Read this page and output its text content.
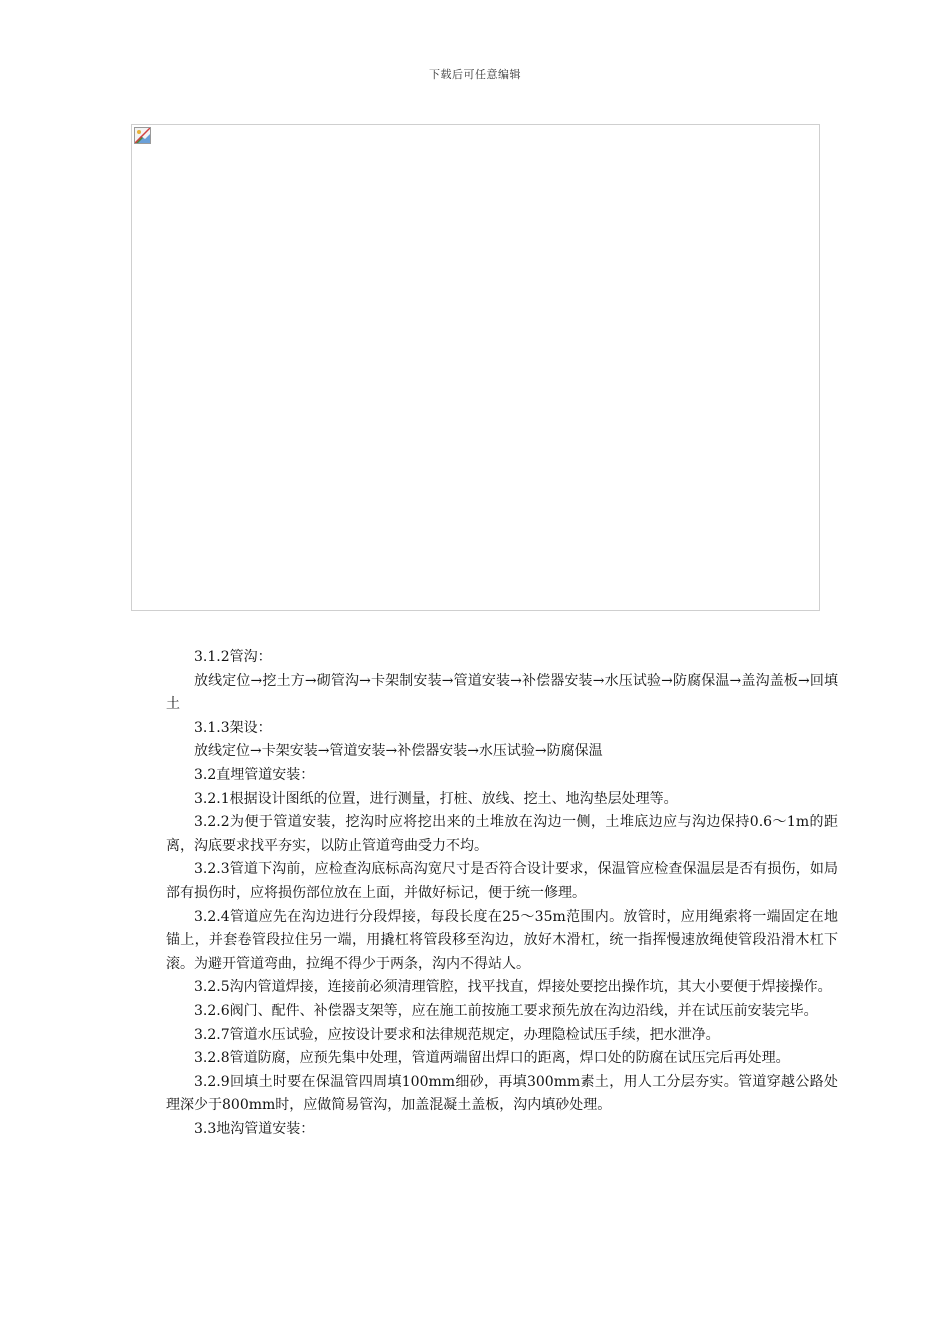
下载后可任意编辑

3.1.2管沟：

放线定位→挖土方→砌管沟→卡架制安装→管道安装→补偿器安装→水压试验→防腐保温→盖沟盖板→回填土

3.1.3架设：

放线定位→卡架安装→管道安装→补偿器安装→水压试验→防腐保温

3.2直埋管道安装：

3.2.1根据设计图纸的位置，进行测量，打桩、放线、挖土、地沟垫层处理等。

3.2.2为便于管道安装，挖沟时应将挖出来的土堆放在沟边一侧，土堆底边应与沟边保持0.6～1m的距离，沟底要求找平夯实，以防止管道弯曲受力不均。

3.2.3管道下沟前，应检查沟底标高沟宽尺寸是否符合设计要求，保温管应检查保温层是否有损伤，如局部有损伤时，应将损伤部位放在上面，并做好标记，便于统一修理。

3.2.4管道应先在沟边进行分段焊接，每段长度在25～35m范围内。放管时，应用绳索将一端固定在地锚上，并套卷管段拉住另一端，用撬杠将管段移至沟边，放好木滑杠，统一指挥慢速放绳使管段沿滑木杠下滚。为避开管道弯曲，拉绳不得少于两条，沟内不得站人。

3.2.5沟内管道焊接，连接前必须清理管腔，找平找直，焊接处要挖出操作坑，其大小要便于焊接操作。

3.2.6阀门、配件、补偿器支架等，应在施工前按施工要求预先放在沟边沿线，并在试压前安装完毕。

3.2.7管道水压试验，应按设计要求和法律规范规定，办理隐检试压手续，把水泄净。

3.2.8管道防腐，应预先集中处理，管道两端留出焊口的距离，焊口处的防腐在试压完后再处理。

3.2.9回填土时要在保温管四周填100mm细砂，再填300mm素土，用人工分层夯实。管道穿越公路处理深少于800mm时，应做简易管沟，加盖混凝土盖板，沟内填砂处理。

3.3地沟管道安装：
